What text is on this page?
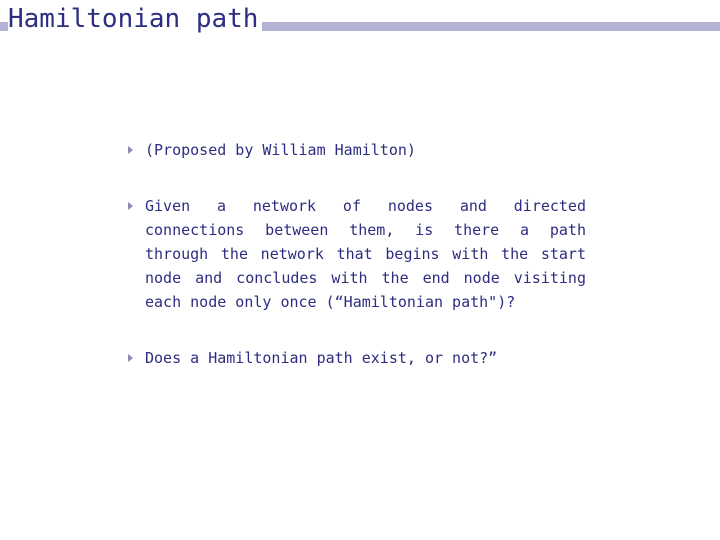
Hamiltonian path
(Proposed by William Hamilton)
Given a network of nodes and directed connections between them, is there a path through the network that begins with the start node and concludes with the end node visiting each node only once (“Hamiltonian path")?
Does a Hamiltonian path exist, or not?”
